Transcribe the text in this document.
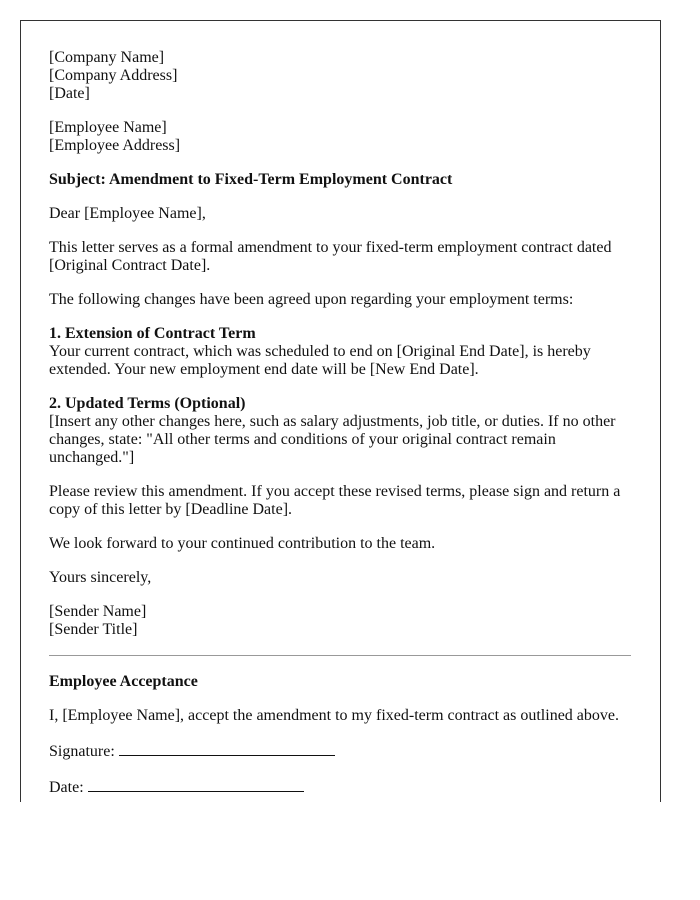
[Company Name]
[Company Address]
[Date]

[Employee Name]
[Employee Address]

Subject: Amendment to Fixed-Term Employment Contract

Dear [Employee Name],

This letter serves as a formal amendment to your fixed-term employment contract dated [Original Contract Date].

The following changes have been agreed upon regarding your employment terms:

1. Extension of Contract Term
Your current contract, which was scheduled to end on [Original End Date], is hereby extended. Your new employment end date will be [New End Date].

2. Updated Terms (Optional)
[Insert any other changes here, such as salary adjustments, job title, or duties. If no other changes, state: "All other terms and conditions of your original contract remain unchanged."]

Please review this amendment. If you accept these revised terms, please sign and return a copy of this letter by [Deadline Date].

We look forward to your continued contribution to the team.

Yours sincerely,

[Sender Name]
[Sender Title]

Employee Acceptance

I, [Employee Name], accept the amendment to my fixed-term contract as outlined above.

Signature:

Date:
